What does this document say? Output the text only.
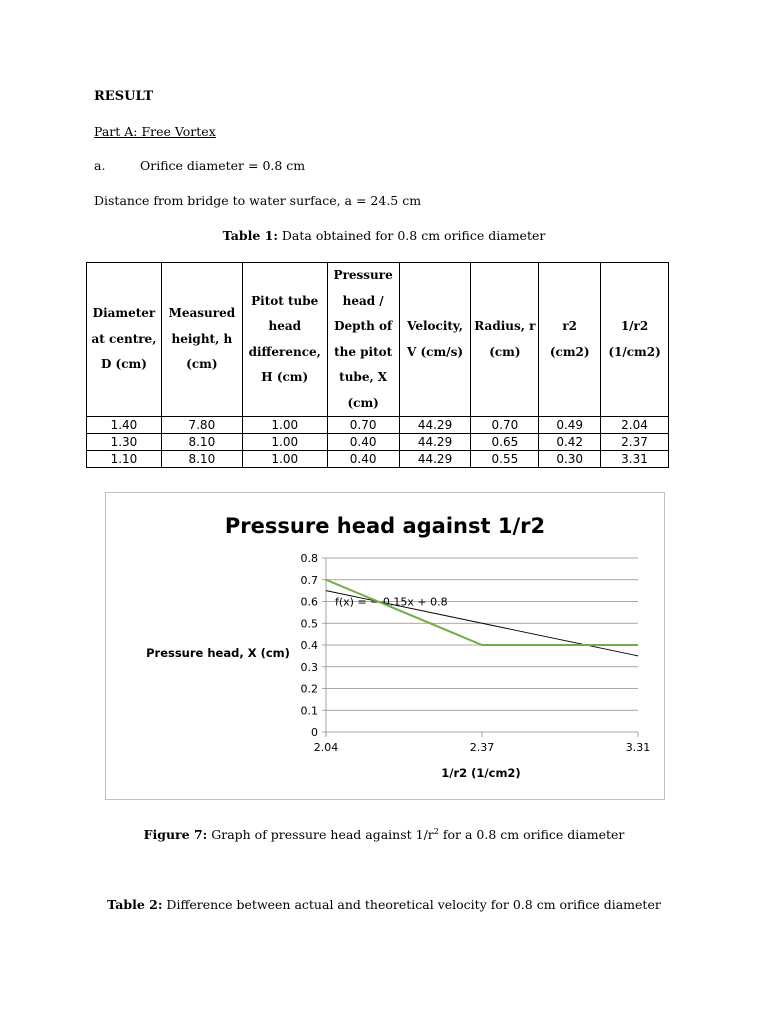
RESULT
Part A: Free Vortex
a.	Orifice diameter = 0.8 cm
Distance from bridge to water surface, a = 24.5 cm
Table 1: Data obtained for 0.8 cm orifice diameter
Diameter at centre, D (cm)	Measured height, h (cm)	Pitot tube head difference, H (cm)	Pressure head / Depth of the pitot tube, X (cm)	Velocity, V (cm/s)	Radius, r (cm)	r2 (cm2)	1/r2 (1/cm2)
1.40	7.80	1.00	0.70	44.29	0.70	0.49	2.04
1.30	8.10	1.00	0.40	44.29	0.65	0.42	2.37
1.10	8.10	1.00	0.40	44.29	0.55	0.30	3.31
Pressure head against 1/r2
Pressure head, X (cm)
1/r2 (1/cm2)
f(x) = − 0.15x + 0.8
0
0.1
0.2
0.3
0.4
0.5
0.6
0.7
0.8
2.04	2.37	3.31
Figure 7: Graph of pressure head against $1/r^2$ for a 0.8 cm orifice diameter
Table 2: Difference between actual and theoretical velocity for 0.8 cm orifice diameter
